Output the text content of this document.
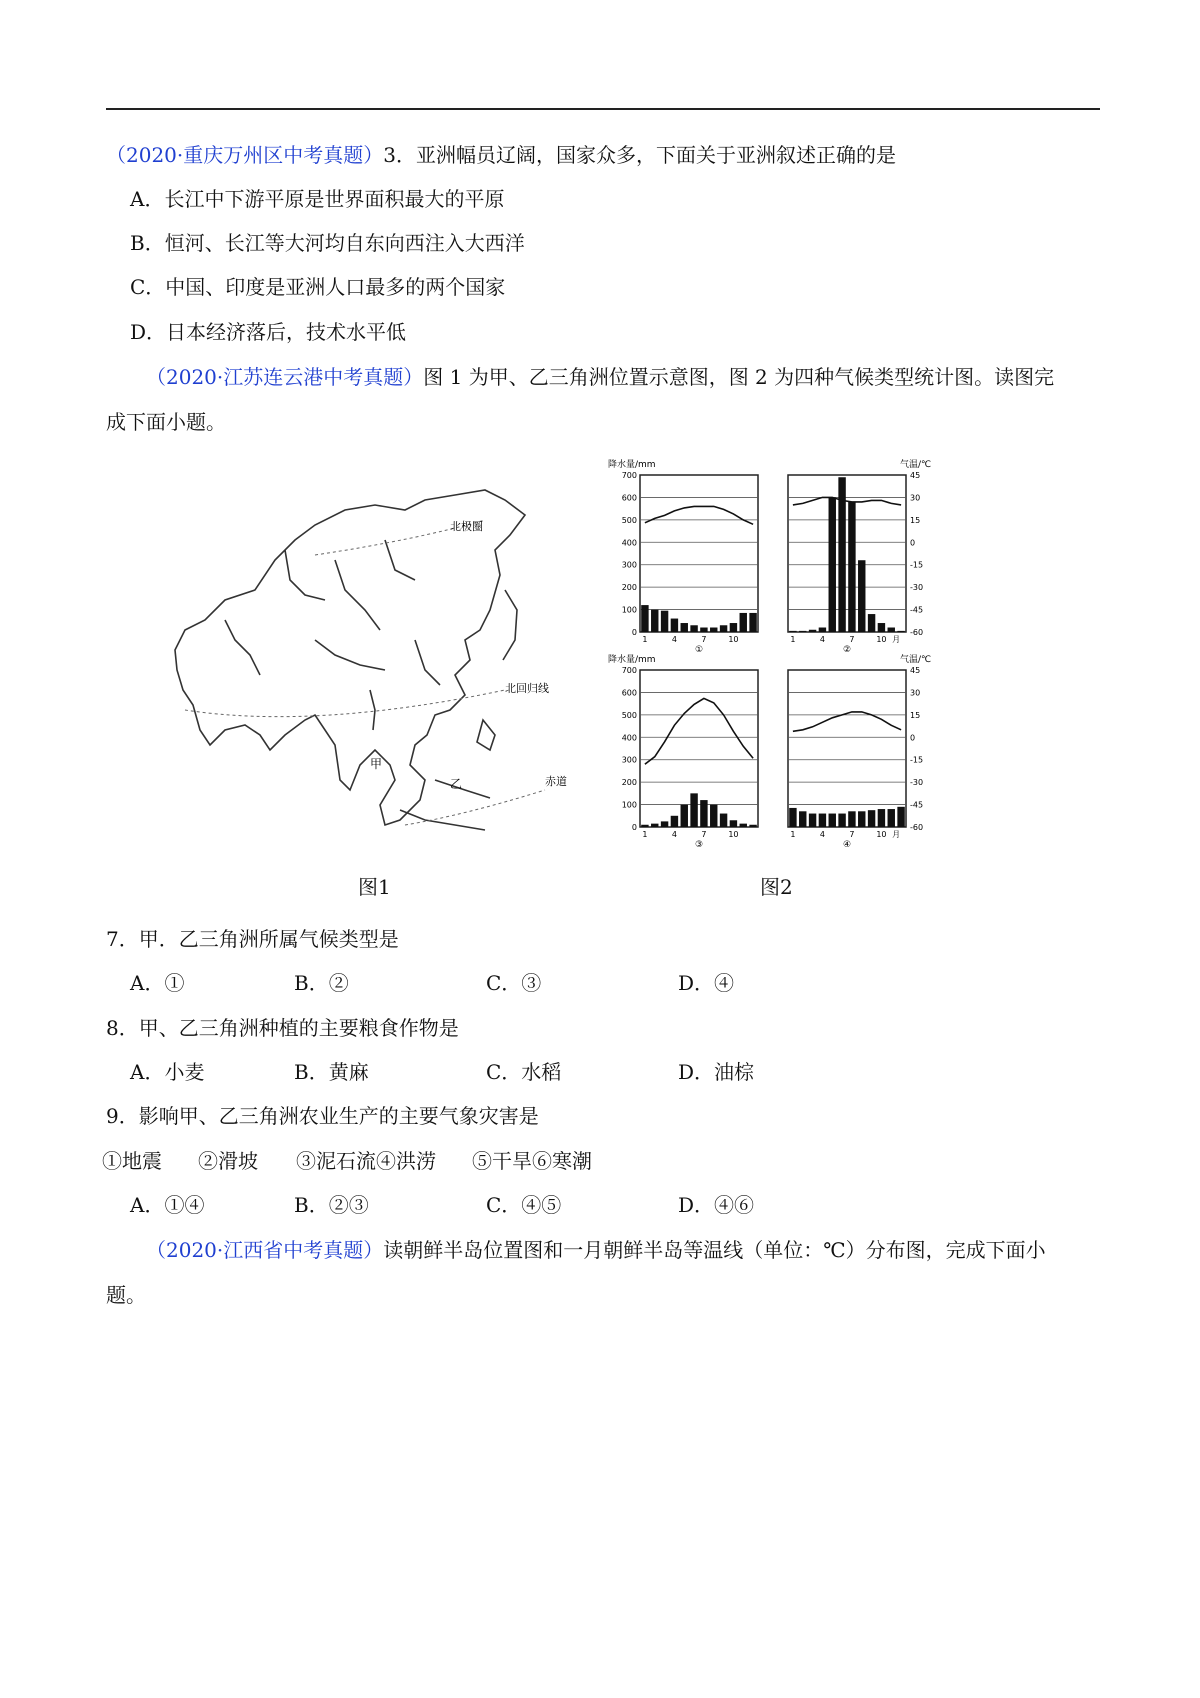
（2020·重庆万州区中考真题）3．亚洲幅员辽阔，国家众多，下面关于亚洲叙述正确的是
A．长江中下游平原是世界面积最大的平原
B．恒河、长江等大河均自东向西注入大西洋
C．中国、印度是亚洲人口最多的两个国家
D．日本经济落后，技术水平低
（2020·江苏连云港中考真题）图 1 为甲、乙三角洲位置示意图，图 2 为四种气候类型统计图。读图完
成下面小题。
北极圈
北回归线
赤道
甲
乙
图1
降水量/mm	气温/℃
降水量/mm	气温/℃
700
600
500
400
300
200
100
0
1	4	7	10
①
45
30
15
0
-15
-30
-45
-60
1	4	7	10 月
②
700
600
500
400
300
200
100
0
1	4	7	10
③
45
30
15
0
-15
-30
-45
-60
1	4	7	10 月
④
图2
7．甲．乙三角洲所属气候类型是
A．①	B．②	C．③	D．④
8．甲、乙三角洲种植的主要粮食作物是
A．小麦	B．黄麻	C．水稻	D．油棕
9．影响甲、乙三角洲农业生产的主要气象灾害是
①地震 ②滑坡 ③泥石流④洪涝 ⑤干旱⑥寒潮
A．①④	B．②③	C．④⑤	D．④⑥
（2020·江西省中考真题）读朝鲜半岛位置图和一月朝鲜半岛等温线（单位：℃）分布图，完成下面小
题。
